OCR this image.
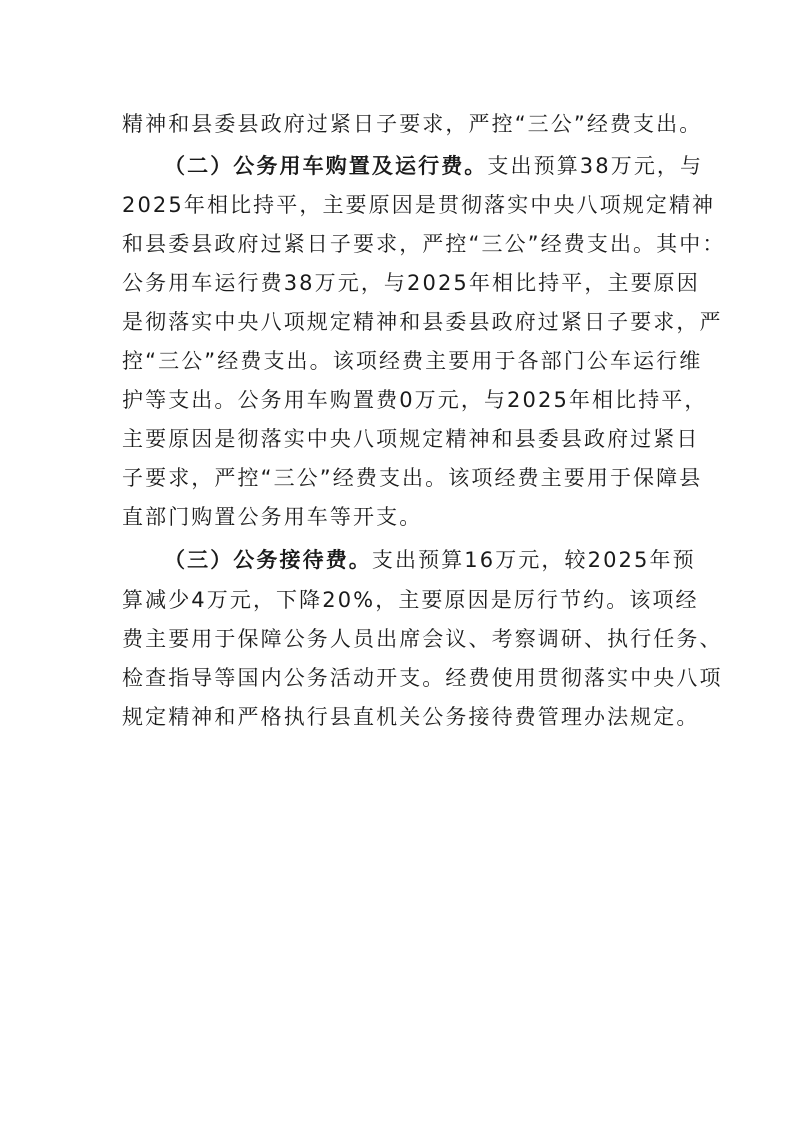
精神和县委县政府过紧日子要求，严控“三公”经费支出。
（二）公务用车购置及运行费。支出预算38万元，与
2025年相比持平，主要原因是贯彻落实中央八项规定精神
和县委县政府过紧日子要求，严控“三公”经费支出。其中：
公务用车运行费38万元，与2025年相比持平，主要原因
是彻落实中央八项规定精神和县委县政府过紧日子要求，严
控“三公”经费支出。该项经费主要用于各部门公车运行维
护等支出。公务用车购置费0万元，与2025年相比持平，
主要原因是彻落实中央八项规定精神和县委县政府过紧日
子要求，严控“三公”经费支出。该项经费主要用于保障县
直部门购置公务用车等开支。
（三）公务接待费。支出预算16万元，较2025年预
算减少4万元，下降20%，主要原因是厉行节约。该项经
费主要用于保障公务人员出席会议、考察调研、执行任务、
检查指导等国内公务活动开支。经费使用贯彻落实中央八项
规定精神和严格执行县直机关公务接待费管理办法规定。
